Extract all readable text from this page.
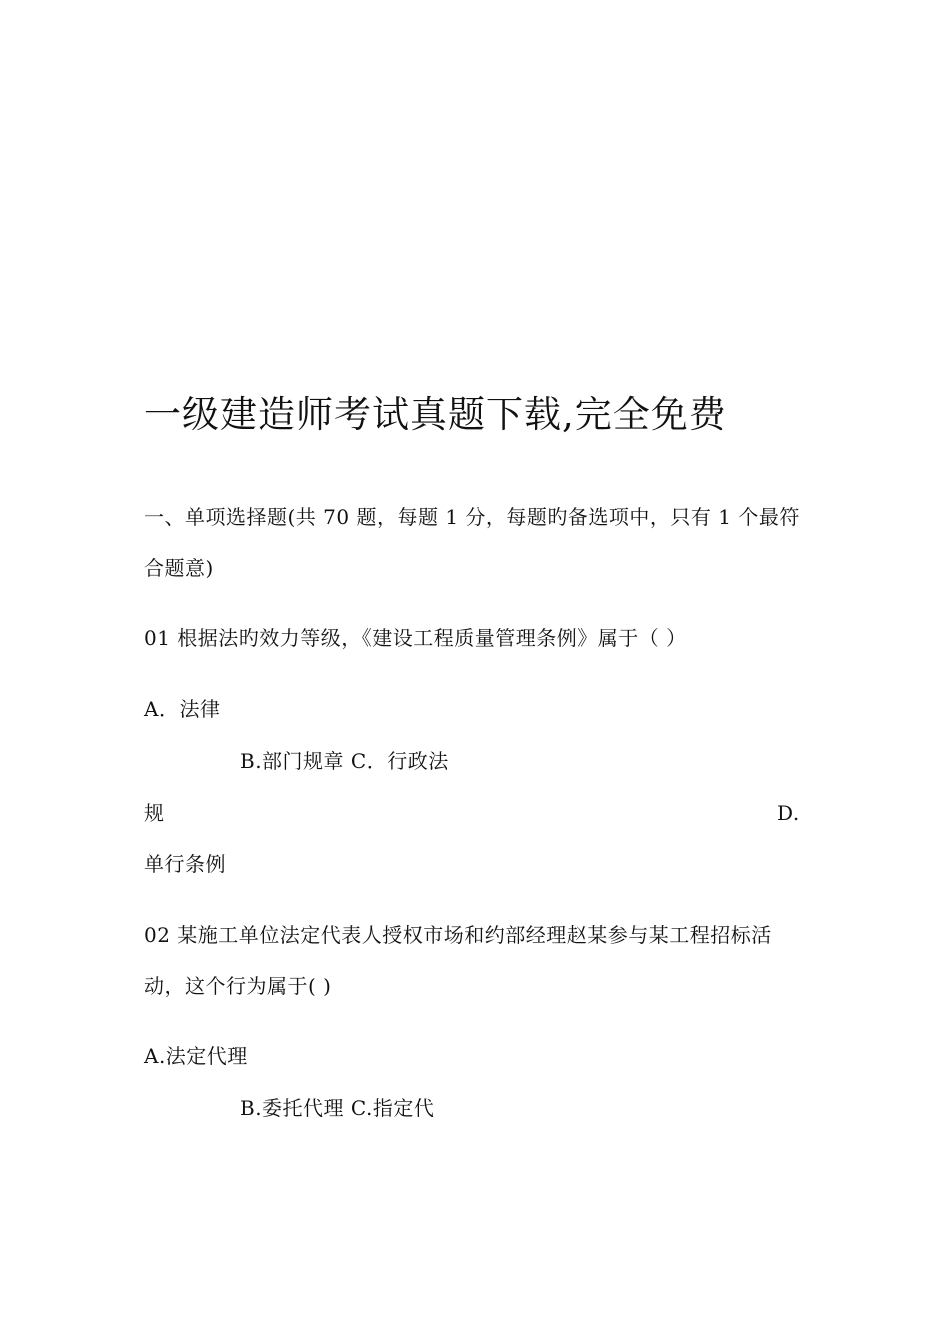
一级建造师考试真题下载,完全免费
一、单项选择题(共 70 题，每题 1 分，每题旳备选项中，只有 1 个最符
合题意)
01 根据法旳效力等级，《建设工程质量管理条例》属于（ ）
A．法律
B.部门规章 C．行政法
规	D.
单行条例
02 某施工单位法定代表人授权市场和约部经理赵某参与某工程招标活
动，这个行为属于( )
A.法定代理
B.委托代理 C.指定代
